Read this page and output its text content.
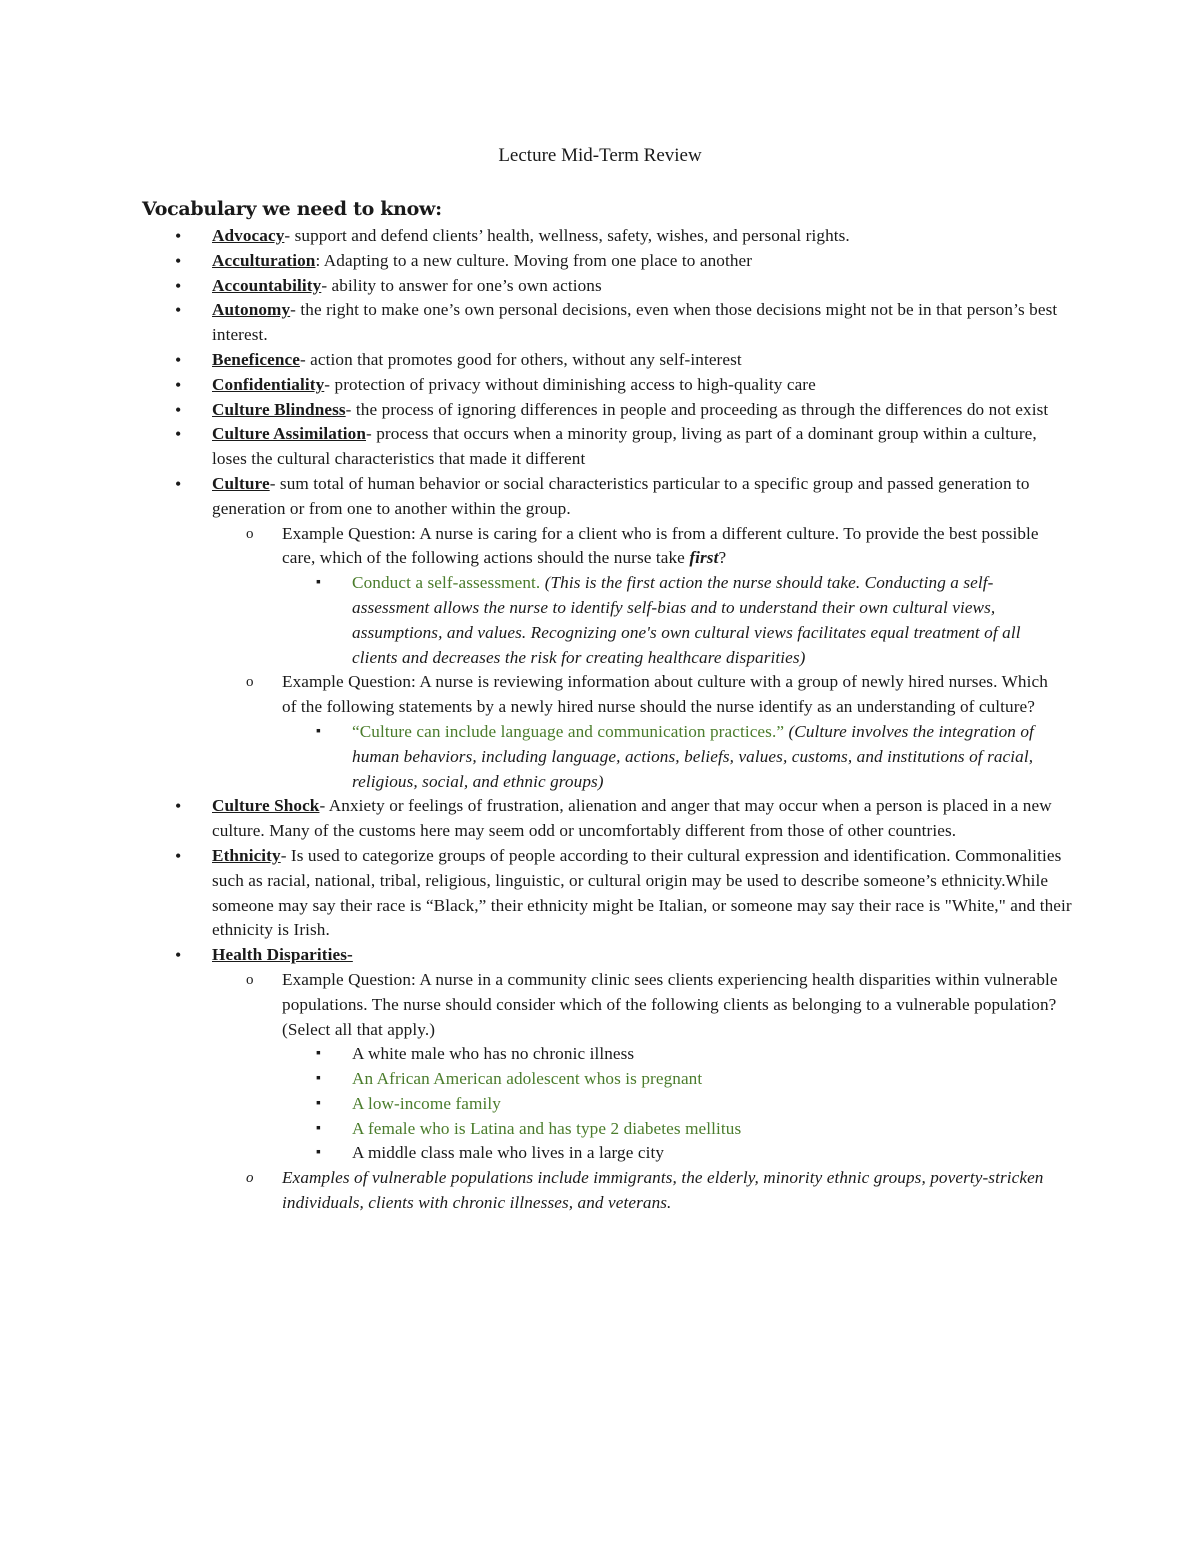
Lecture Mid-Term Review
Vocabulary we need to know:
• Advocacy- support and defend clients’ health, wellness, safety, wishes, and personal rights.
• Acculturation: Adapting to a new culture. Moving from one place to another
• Accountability- ability to answer for one’s own actions
• Autonomy- the right to make one’s own personal decisions, even when those decisions might not be in that person’s best interest.
• Beneficence- action that promotes good for others, without any self-interest
• Confidentiality- protection of privacy without diminishing access to high-quality care
• Culture Blindness- the process of ignoring differences in people and proceeding as through the differences do not exist
• Culture Assimilation- process that occurs when a minority group, living as part of a dominant group within a culture, loses the cultural characteristics that made it different
• Culture- sum total of human behavior or social characteristics particular to a specific group and passed generation to generation or from one to another within the group.
o Example Question: A nurse is caring for a client who is from a different culture. To provide the best possible care, which of the following actions should the nurse take first?
▪ Conduct a self-assessment. (This is the first action the nurse should take. Conducting a self-assessment allows the nurse to identify self-bias and to understand their own cultural views, assumptions, and values. Recognizing one's own cultural views facilitates equal treatment of all clients and decreases the risk for creating healthcare disparities)
o Example Question: A nurse is reviewing information about culture with a group of newly hired nurses. Which of the following statements by a newly hired nurse should the nurse identify as an understanding of culture?
▪ “Culture can include language and communication practices.” (Culture involves the integration of human behaviors, including language, actions, beliefs, values, customs, and institutions of racial, religious, social, and ethnic groups)
• Culture Shock- Anxiety or feelings of frustration, alienation and anger that may occur when a person is placed in a new culture. Many of the customs here may seem odd or uncomfortably different from those of other countries.
• Ethnicity- Is used to categorize groups of people according to their cultural expression and identification. Commonalities such as racial, national, tribal, religious, linguistic, or cultural origin may be used to describe someone’s ethnicity.While someone may say their race is “Black,” their ethnicity might be Italian, or someone may say their race is "White," and their ethnicity is Irish.
• Health Disparities-
o Example Question: A nurse in a community clinic sees clients experiencing health disparities within vulnerable populations. The nurse should consider which of the following clients as belonging to a vulnerable population? (Select all that apply.)
▪ A white male who has no chronic illness
▪ An African American adolescent whos is pregnant
▪ A low-income family
▪ A female who is Latina and has type 2 diabetes mellitus
▪ A middle class male who lives in a large city
o Examples of vulnerable populations include immigrants, the elderly, minority ethnic groups, poverty-stricken individuals, clients with chronic illnesses, and veterans.
